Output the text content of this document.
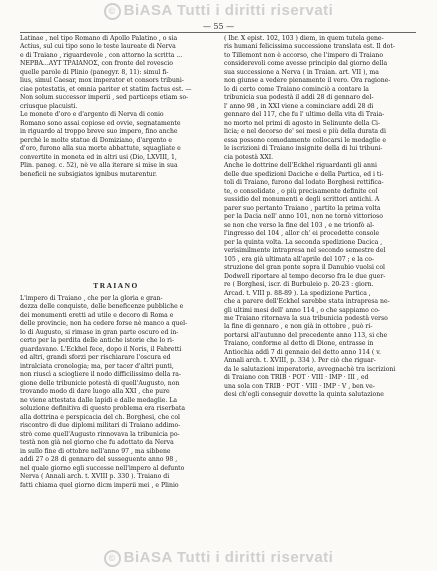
© BiASA Tutti i diritti riservati
— 55 —
Latinae , nel tipo Romano di Apollo Palatino , o sia
Actius, sul cui tipo sono le teste laureate di Nerva
e di Traiano , riguardevole , con attorno la scritta ...
ΝΕΡΒΑ...ΑΥΤ ΤΡΑΙΑΝΟΣ, con fronte del rovescio
quelle parole di Plinio (panegyr. 8, 11): simul fi-
lius, simul Caesar, mox imperator et consors tribuni-
ciae potestatis, et omnia pariter et statim factus est. —
Non solum successor imperii , sed particeps etiam so-
criusque placuisti.
Le monete d'oro e d'argento di Nerva di conio
Romano sono assai copiose ed ovvie, segnatamente
in riguardo al troppo breve suo impero, fino anche
perchè le molte statue di Domiziano, d'argento e
d'oro, furono alla sua morte abbattute, squagliate e
convertite in moneta ed in altri usi (Dio, LXVIII, 1,
Plin. paneg. c. 52), nè ve alla iterare si mise in sua
beneficii ne subsigiatos ignibus mutarentur.
TRAIANO
L'impero di Traiano , che per la gloria e gran-
dezza delle conquiste, delle beneficenze pubbliche e
dei monumenti eretti ad utile e decoro di Roma e
delle provincie, non ha cedere forse nè manco a quel-
lo di Augusto, si rimase in gran parte oscuro ed in-
certo per la perdita delle antiche istorie che lo ri-
guardavano. L'Eckhel fece, dopo il Noris, il Fabretti
ed altri, grandi sforzi per rischiarare l'oscura ed
intralciata cronologia; ma, per tacer d'altri punti,
non riuscì a sciogliere il nodo difficilissimo della ra-
gione delle tribunicie potestà di quell'Augusto, non
trovando modo di dare luogo alla XXI , che pure
ne viene attestata dalle lapidi e dalle medaglie. La
soluzione definitiva di questo problema era riserbata
alla dottrina e perspicacia del ch. Borghesi, che col
riscontro di due diplomi militari di Traiano addimo-
strò come quell'Augusto rinnovava la tribunicia po-
testà non già nel giorno che fu adottato da Nerva
in sullo fine di ottobre nell'anno 97 , ma sibbene
addì 27 o 28 di gennaro del susseguente anno 98 ,
nel quale giorno egli successe nell'impero al defunto
Nerva ( Annali arch. t. XVIII p. 330 ). Traiano di
fatti chiama quel giorno dicm imperii mei , e Plinio
( Ibr. X epist. 102, 103 ) diem, in quem tutela gene-
ris humani felicissima successione translata est. Il dot-
to Tillemont non è accorso, che l'impero di Traiano
considerevoli come avesse principio dal giorno della
sua successione a Nerva ( in Traian. art. VII ), ma
non giunse a vedere pienamente il vero. Ora ragione-
lo di certo come Traiano cominciò a contare la
tribunicia sua podestà il addì 28 di gennaro del-
l' anno 98 , in XXI viene a cominciare addì 28 di
gennaro del 117, che fu l' ultimo della vita di Traia-
no morto nel primi di agosto in Selinunte della Ci-
licia; e nel decorso de' sei mesi e più della durata di
essa possono comodamente collocarsi le medaglie e
le iscrizioni di Traiano insignite della di lui tribuni-
cia potestà XXI.
Anche le dottrine dell'Eckhel riguardanti gli anni
delle due spedizioni Daciche e della Partica, ed i ti-
toli di Traiano, furono dal lodato Borghesi rettifica-
te, o consolidate , o più precisamente definite col
sussidio del monumenti e degli scrittori antichi. A
parer suo pertanto Traiano , partito la prima volta
per la Dacia nell' anno 101, non ne tornò vittorioso
se non che verso la fine del 103 , e ne trionfò al-
l'ingresso del 104 , allor ch' ei procedette console
per la quinta volta. La seconda spedizione Dacica ,
verisimilmente intrapresa nel secondo semestre del
105 , era già ultimata all'aprile del 107 ; e la co-
struzione del gran ponte sopra il Danubio vuolsi col
Dodwell riportare al tempo decorso fra le due guer-
re ( Borghesi, iscr. di Burbuleio p. 20-23 : giorn.
Arcad. t. VIII p. 88-89 ). La spedizione Partica ,
che a parere dell'Eckhel sarebbe stata intrapresa ne-
gli ultimi mesi dell' anno 114 , o che sappiamo co-
me Traiano ritornava la sua tribunicia podestà verso
la fine di gennaro , e non già in ottobre , può ri-
portarsi all'autunno del precedente anno 113, si che
Traiano, conforme al detto di Dione, entrasse in
Antiochia addì 7 di gennaio del detto anno 114 ( v.
Annali arch. t. XVIII, p. 334 ). Per ciò che riguar-
da le salutazioni imperatorie, avvegnachè tra iscrizioni
di Traiano con TRIB · POT · VIII · IMP · III , ed
una sola con TRIB · POT · VIII · IMP · V , ben ve-
desi ch'egli conseguir dovette la quinta salutazione
© BiASA Tutti i diritti riservati
